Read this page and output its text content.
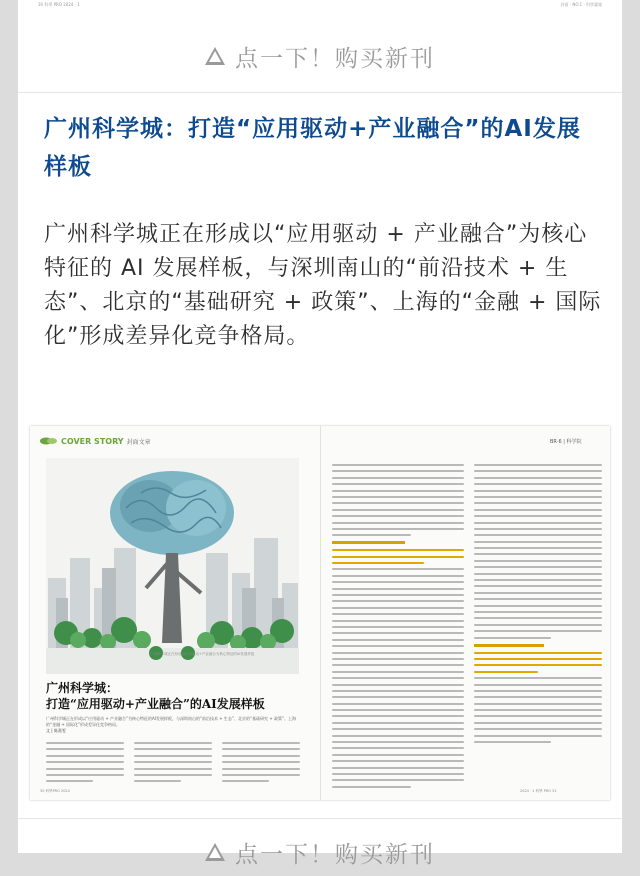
30 科學 PRO 2024 · 1	封面 · NO.1 · 科學畫報
点一下！购买新刊
广州科学城：打造“应用驱动+产业融合”的AI发展样板

广州科学城正在形成以“应用驱动 + 产业融合”为核心特征的 AI 发展样板，与深圳南山的“前沿技术 + 生态”、北京的“基础研究 + 政策”、上海的“金融 + 国际化”形成差异化竞争格局。

COVER STORY 封面文章	BR·6 | 科学院
广州科学城正在形成以应用驱动+产业融合为核心特征的AI发展样板
广州科学城：
打造“应用驱动+产业融合”的AI发展样板
广州科学城正在形成以“应用驱动 + 产业融合”为核心特征的AI发展样板，与深圳南山的“前沿技术 + 生态”、北京的“基础研究 + 政策”、上海的“金融 + 国际化”形成差异化竞争格局。
文 | 陈嘉雯
30 科學PRO 2024	2024 · 1 科學 PRO 31
点一下！购买新刊
